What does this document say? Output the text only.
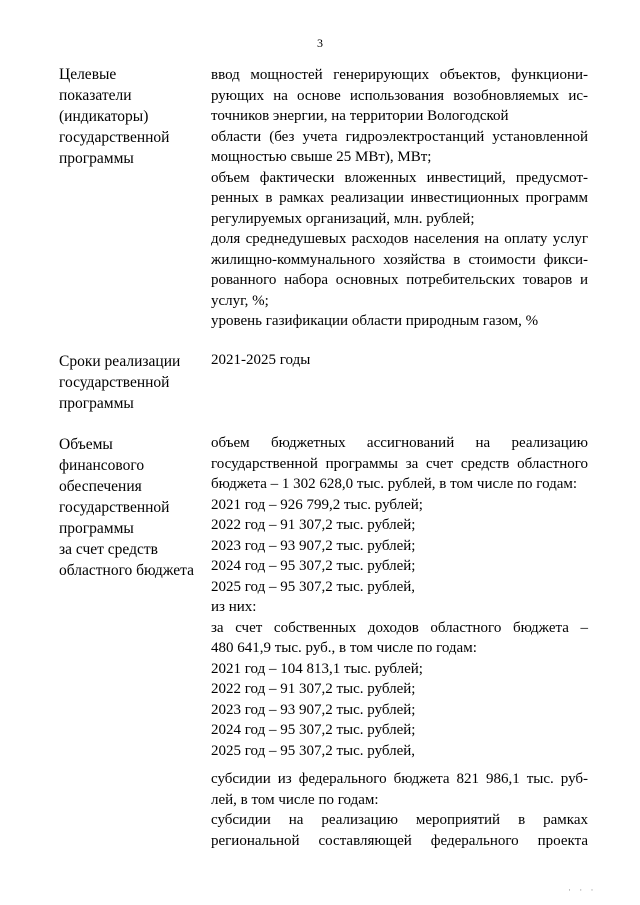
3
Целевые
показатели
(индикаторы)
государственной
программы
ввод мощностей генерирующих объектов, функциони-
рующих на основе использования возобновляемых ис-
точников энергии, на территории Вологодской
области (без учета гидроэлектростанций установленной
мощностью свыше 25 МВт), МВт;
объем фактически вложенных инвестиций, предусмот-
ренных в рамках реализации инвестиционных программ
регулируемых организаций, млн. рублей;
доля среднедушевых расходов населения на оплату услуг
жилищно-коммунального хозяйства в стоимости фикси-
рованного набора основных потребительских товаров и
услуг, %;
уровень газификации области природным газом, %
Сроки реализации
государственной
программы
2021-2025 годы
Объемы
финансового
обеспечения
государственной
программы
за счет средств
областного бюджета
объем бюджетных ассигнований на реализацию
государственной программы за счет средств областного
бюджета – 1 302 628,0 тыс. рублей, в том числе по годам:
2021 год – 926 799,2 тыс. рублей;
2022 год – 91 307,2 тыс. рублей;
2023 год – 93 907,2 тыс. рублей;
2024 год – 95 307,2 тыс. рублей;
2025 год – 95 307,2 тыс. рублей,
из них:
за счет собственных доходов областного бюджета –
480 641,9 тыс. руб., в том числе по годам:
2021 год – 104 813,1 тыс. рублей;
2022 год – 91 307,2 тыс. рублей;
2023 год – 93 907,2 тыс. рублей;
2024 год – 95 307,2 тыс. рублей;
2025 год – 95 307,2 тыс. рублей,
субсидии из федерального бюджета 821 986,1 тыс. руб-
лей, в том числе по годам:
субсидии на реализацию мероприятий в рамках
региональной составляющей федерального проекта
· · ·
